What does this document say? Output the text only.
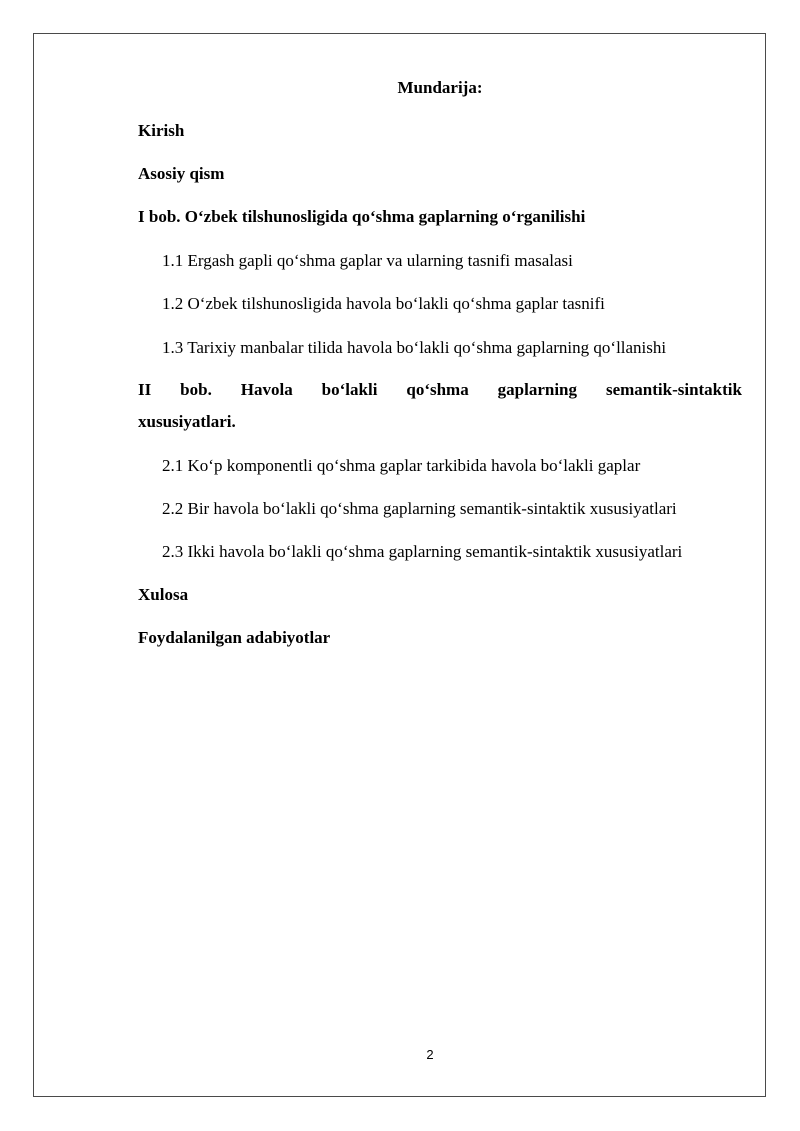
Mundarija:
Kirish
Asosiy qism
I bob. O‘zbek tilshunosligida qo‘shma gaplarning o‘rganilishi
1.1 Ergash gapli qo‘shma gaplar va ularning tasnifi masalasi
1.2 O‘zbek tilshunosligida havola bo‘lakli qo‘shma gaplar tasnifi
1.3 Tarixiy manbalar tilida havola bo‘lakli qo‘shma gaplarning qo‘llanishi
II bob. Havola bo‘lakli qo‘shma gaplarning semantik-sintaktik
xususiyatlari.
2.1 Ko‘p komponentli qo‘shma gaplar tarkibida havola bo‘lakli gaplar
2.2 Bir havola bo‘lakli qo‘shma gaplarning semantik-sintaktik xususiyatlari
2.3 Ikki havola bo‘lakli qo‘shma gaplarning semantik-sintaktik xususiyatlari
Xulosa
Foydalanilgan adabiyotlar
2
